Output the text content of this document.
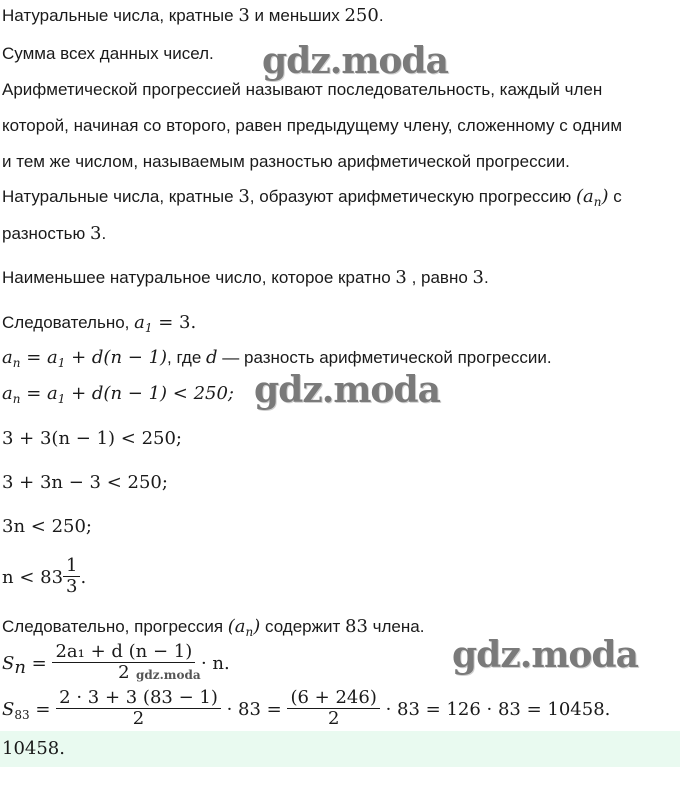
Натуральные числа, кратные 3 и меньших 250.
Сумма всех данных чисел.
Арифметической прогрессией называют последовательность, каждый член
которой, начиная со второго, равен предыдущему члену, сложенному с одним
и тем же числом, называемым разностью арифметической прогрессии.
Натуральные числа, кратные 3, образуют арифметическую прогрессию $(a_n)$ с
разностью 3.
Наименьшее натуральное число, которое кратно 3 , равно 3.
Следовательно, $a_1 = 3$.
$a_n = a_1 + d(n - 1)$, где d — разность арифметической прогрессии.
$a_n = a_1 + d(n - 1) < 250$;
3 + 3(n − 1) < 250;
3 + 3n − 3 < 250;
3n < 250;
$n < 83 \frac{1}{3}$ .
Следовательно, прогрессия $(a_n)$ содержит 83 члена.
$S_n = \frac{\text{2a₁ + d (n − 1)}}{2} \cdot n$.
$S_{83} = \frac{2 \cdot 3 + 3 (83 - 1)}{2} \cdot 83 = \frac{(6 + 246)}{2} \cdot 83 = 126 \cdot 83 = 10458$.
10458.
gdz.moda
gdz.moda
gdz.moda
gdz.moda
